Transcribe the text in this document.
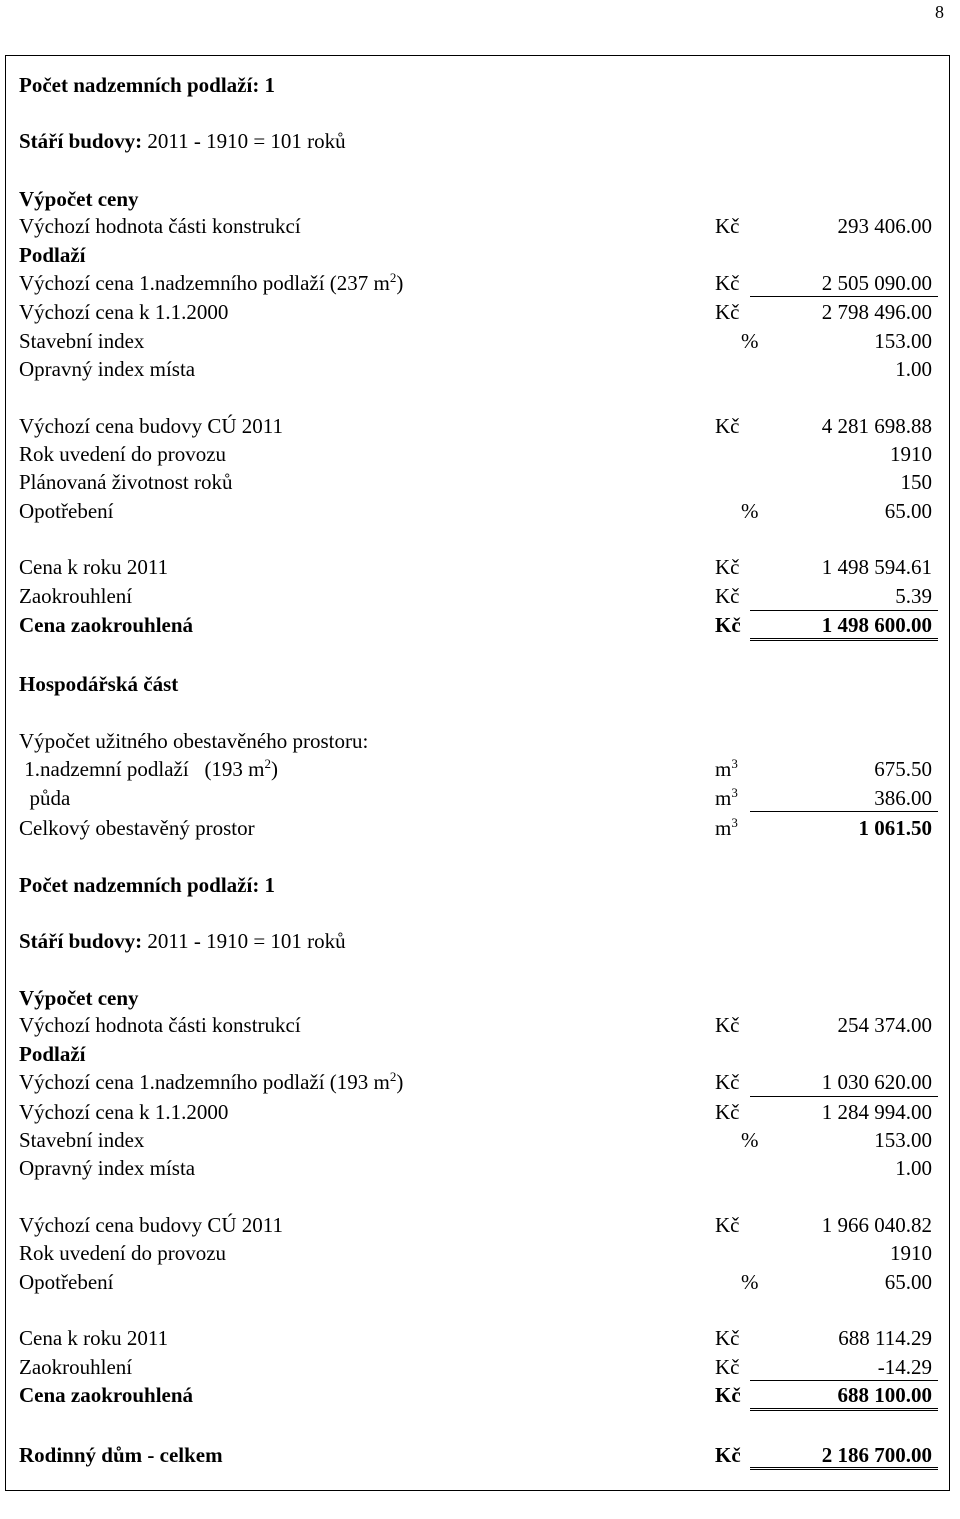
8
Počet nadzemních podlaží: 1
Stáří budovy: 2011 - 1910 = 101 roků
Výpočet ceny
Výchozí hodnota části konstrukcí	Kč	293 406.00
Podlaží
Výchozí cena 1.nadzemního podlaží (237 $m^2$)	Kč	2 505 090.00
Výchozí cena k 1.1.2000	Kč	2 798 496.00
Stavební index	%	153.00
Opravný index místa	1.00
Výchozí cena budovy CÚ 2011	Kč	4 281 698.88
Rok uvedení do provozu	1910
Plánovaná životnost roků	150
Opotřebení	%	65.00
Cena k roku 2011	Kč	1 498 594.61
Zaokrouhlení	Kč	5.39
Cena zaokrouhlená	Kč	1 498 600.00
Hospodářská část
Výpočet užitného obestavěného prostoru:
1.nadzemní podlaží   (193 $m^2$)	$m^3$	675.50
půda	$m^3$	386.00
Celkový obestavěný prostor	$m^3$	1 061.50
Počet nadzemních podlaží: 1
Stáří budovy: 2011 - 1910 = 101 roků
Výpočet ceny
Výchozí hodnota části konstrukcí	Kč	254 374.00
Podlaží
Výchozí cena 1.nadzemního podlaží (193 $m^2$)	Kč	1 030 620.00
Výchozí cena k 1.1.2000	Kč	1 284 994.00
Stavební index	%	153.00
Opravný index místa	1.00
Výchozí cena budovy CÚ 2011	Kč	1 966 040.82
Rok uvedení do provozu	1910
Opotřebení	%	65.00
Cena k roku 2011	Kč	688 114.29
Zaokrouhlení	Kč	-14.29
Cena zaokrouhlená	Kč	688 100.00
Rodinný dům - celkem	Kč	2 186 700.00
